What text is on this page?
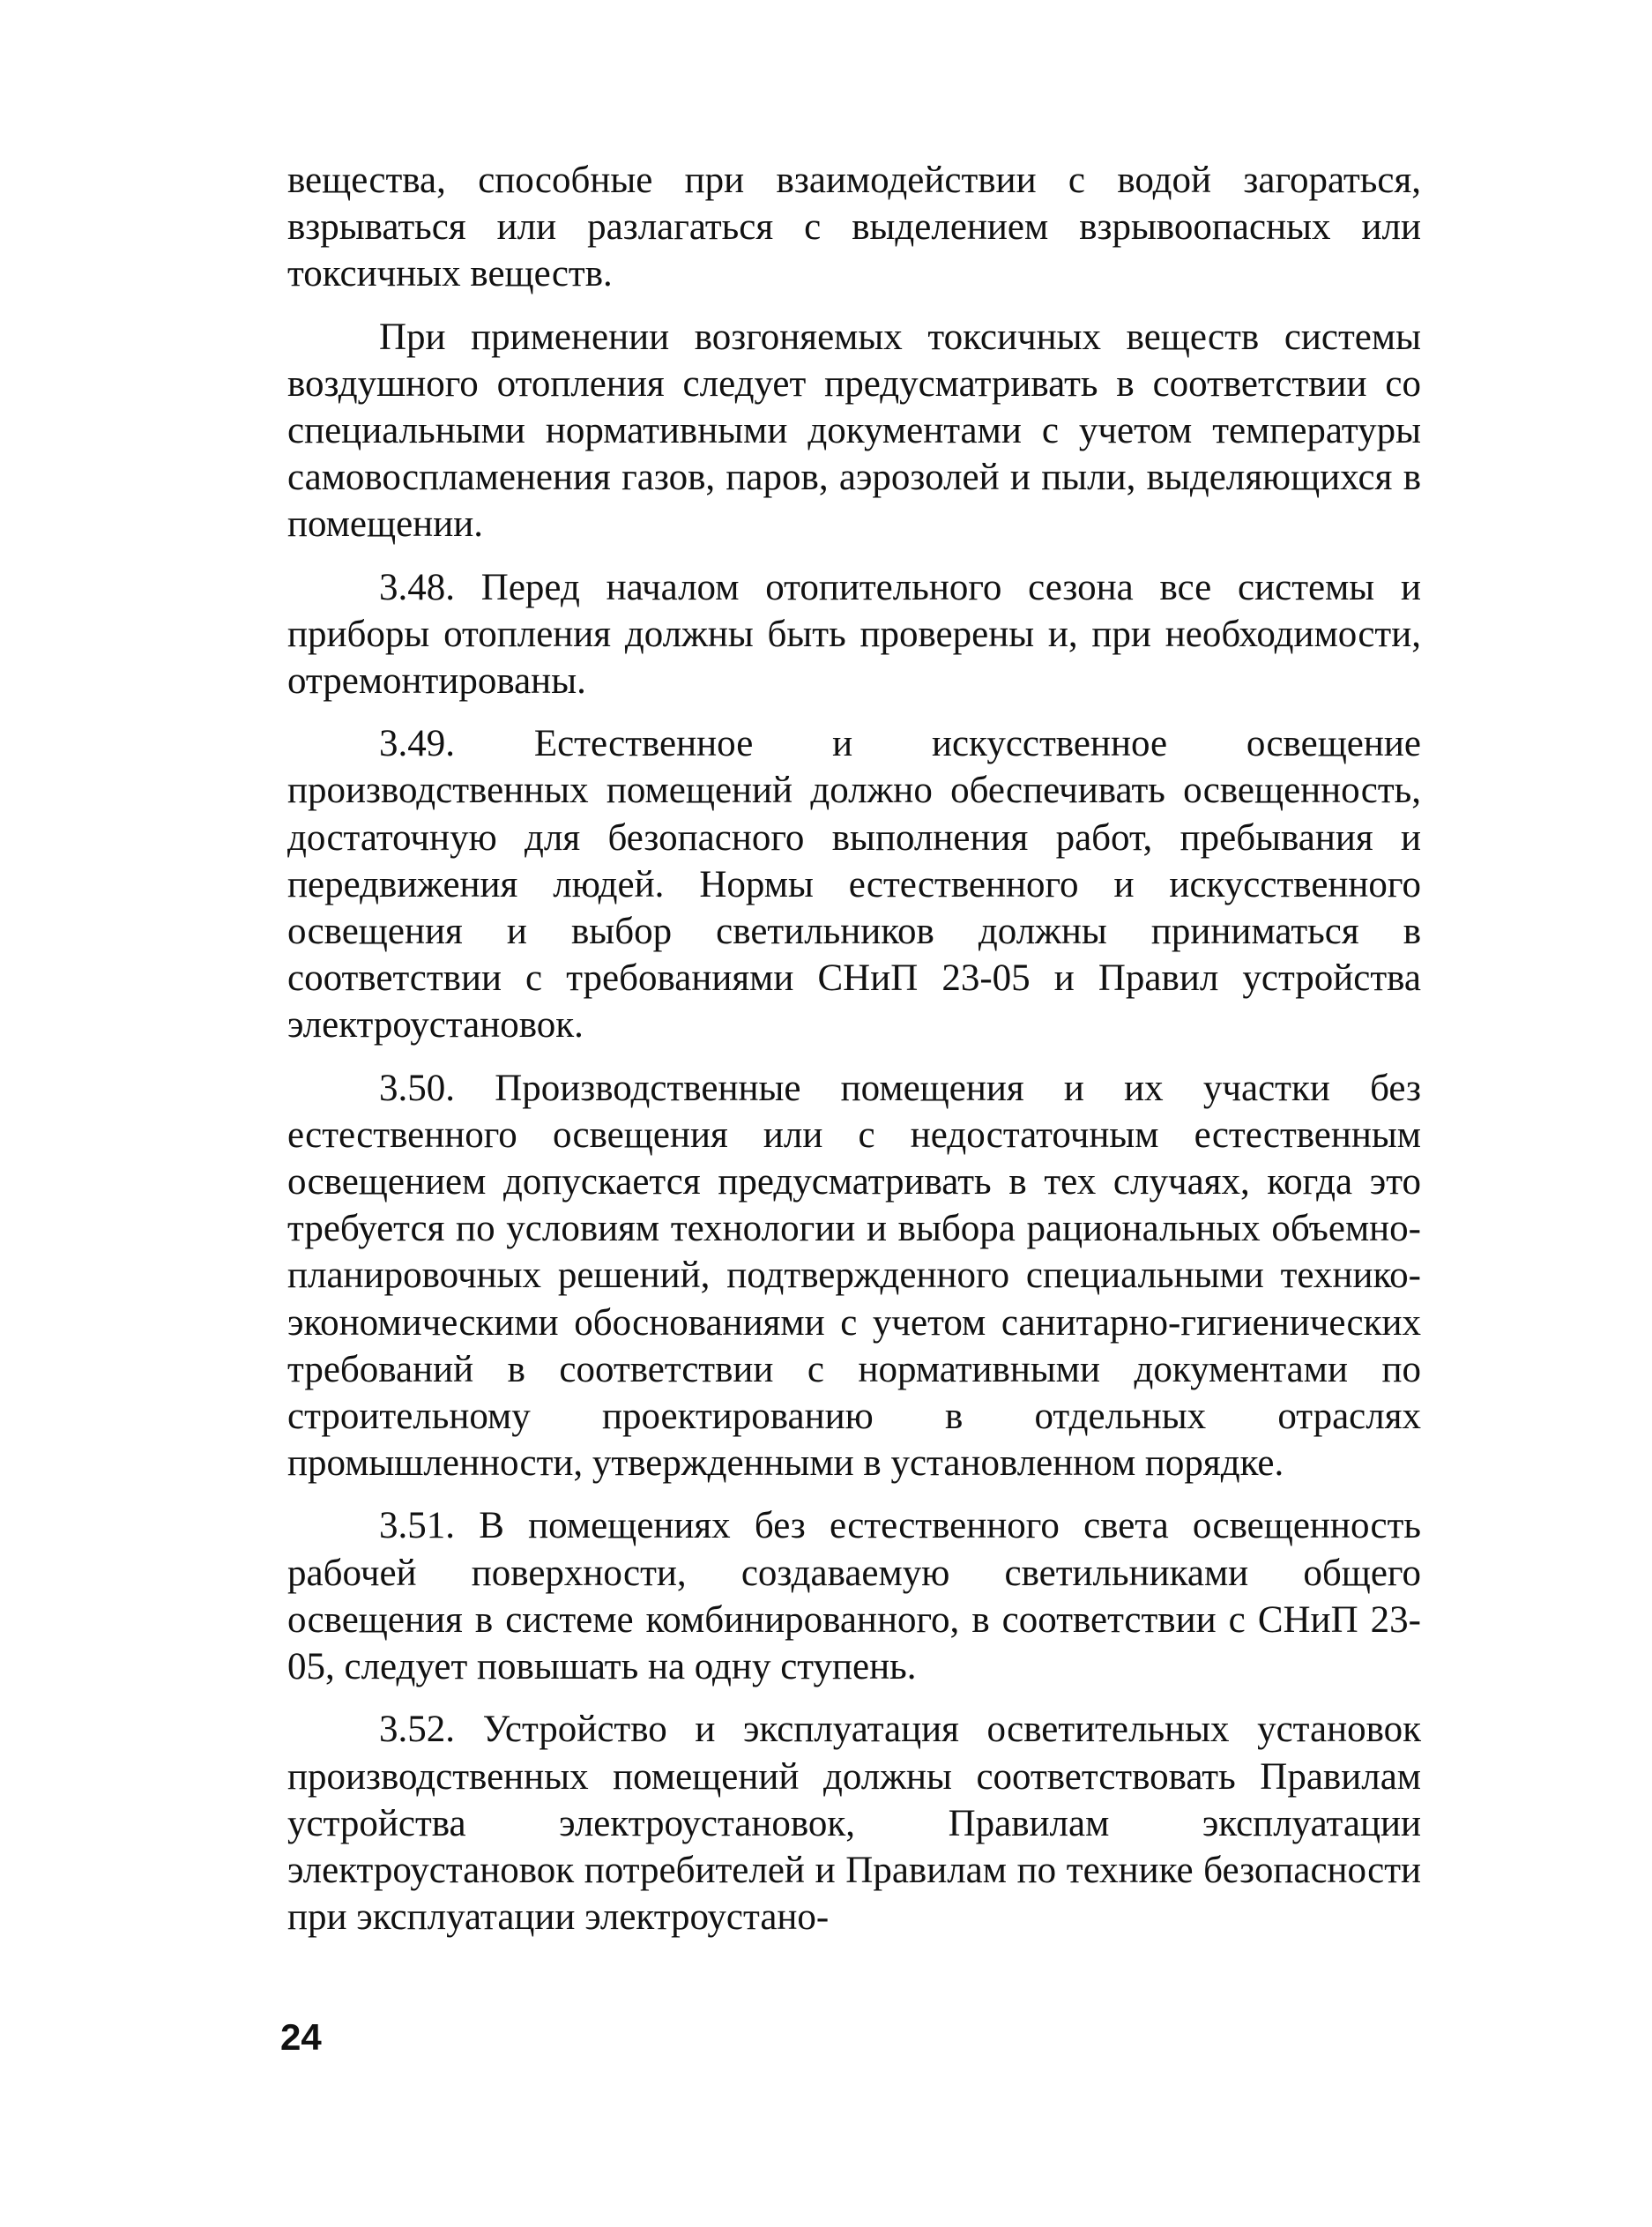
вещества, способные при взаимодействии с водой загораться, взрываться или разлагаться с выделением взрывоопасных или токсичных веществ.

При применении возгоняемых токсичных веществ системы воздушного отопления следует предусматривать в соответствии со специальными нормативными документами с учетом температуры самовоспламенения газов, паров, аэрозолей и пыли, выделяющихся в помещении.

3.48. Перед началом отопительного сезона все системы и приборы отопления должны быть проверены и, при необходимости, отремонтированы.

3.49. Естественное и искусственное освещение производственных помещений должно обеспечивать освещенность, достаточную для безопасного выполнения работ, пребывания и передвижения людей. Нормы естественного и искусственного освещения и выбор светильников должны приниматься в соответствии с требованиями СНиП 23-05 и Правил устройства электроустановок.

3.50. Производственные помещения и их участки без естественного освещения или с недостаточным естественным освещением допускается предусматривать в тех случаях, когда это требуется по условиям технологии и выбора рациональных объемно-планировочных решений, подтвержденного специальными технико-экономическими обоснованиями с учетом санитарно-гигиенических требований в соответствии с нормативными документами по строительному проектированию в отдельных отраслях промышленности, утвержденными в установленном порядке.

3.51. В помещениях без естественного света освещенность рабочей поверхности, создаваемую светильниками общего освещения в системе комбинированного, в соответствии с СНиП 23-05, следует повышать на одну ступень.

3.52. Устройство и эксплуатация осветительных установок производственных помещений должны соответствовать Правилам устройства электроустановок, Правилам эксплуатации электроустановок потребителей и Правилам по технике безопасности при эксплуатации электроустано-

24
